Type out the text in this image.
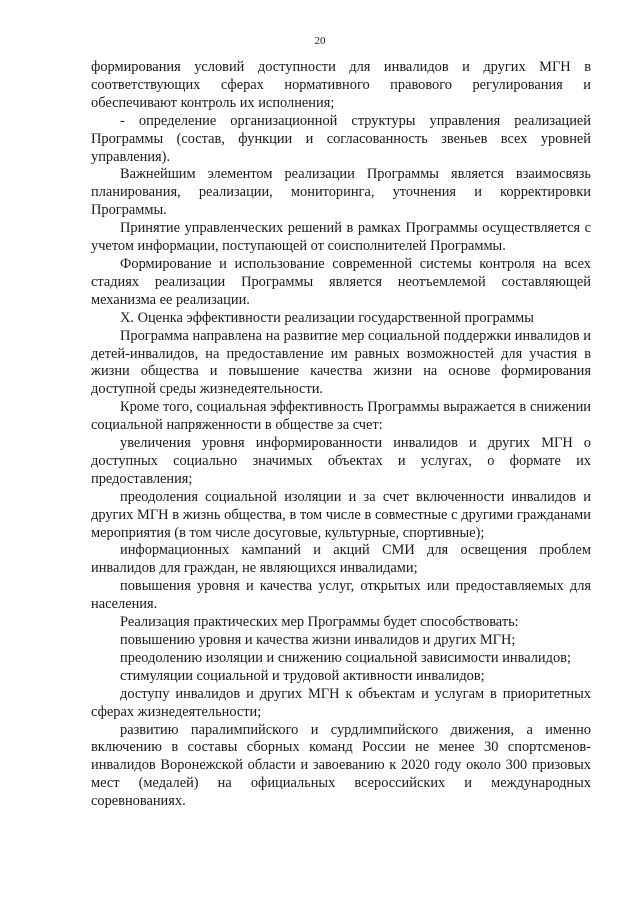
20

формирования условий доступности для инвалидов и других МГН в соответствующих сферах нормативного правового регулирования и обеспечивают контроль их исполнения;

- определение организационной структуры управления реализацией Программы (состав, функции и согласованность звеньев всех уровней управления).

Важнейшим элементом реализации Программы является взаимосвязь планирования, реализации, мониторинга, уточнения и корректировки Программы.

Принятие управленческих решений в рамках Программы осуществляется с учетом информации, поступающей от соисполнителей Программы.

Формирование и использование современной системы контроля на всех стадиях реализации Программы является неотъемлемой составляющей механизма ее реализации.

X. Оценка эффективности реализации государственной программы

Программа направлена на развитие мер социальной поддержки инвалидов и детей-инвалидов, на предоставление им равных возможностей для участия в жизни общества и повышение качества жизни на основе формирования доступной среды жизнедеятельности.

Кроме того, социальная эффективность Программы выражается в снижении социальной напряженности в обществе за счет:

увеличения уровня информированности инвалидов и других МГН о доступных социально значимых объектах и услугах, о формате их предоставления;

преодоления социальной изоляции и за счет включенности инвалидов и других МГН в жизнь общества, в том числе в совместные с другими гражданами мероприятия (в том числе досуговые, культурные, спортивные);

информационных кампаний и акций СМИ для освещения проблем инвалидов для граждан, не являющихся инвалидами;

повышения уровня и качества услуг, открытых или предоставляемых для населения.

Реализация практических мер Программы будет способствовать:

повышению уровня и качества жизни инвалидов и других МГН;

преодолению изоляции и снижению социальной зависимости инвалидов;

стимуляции социальной и трудовой активности инвалидов;

доступу инвалидов и других МГН к объектам и услугам в приоритетных сферах жизнедеятельности;

развитию паралимпийского и сурдлимпийского движения, а именно включению в составы сборных команд России не менее 30 спортсменов-инвалидов Воронежской области и завоеванию к 2020 году около 300 призовых мест (медалей) на официальных всероссийских и международных соревнованиях.
